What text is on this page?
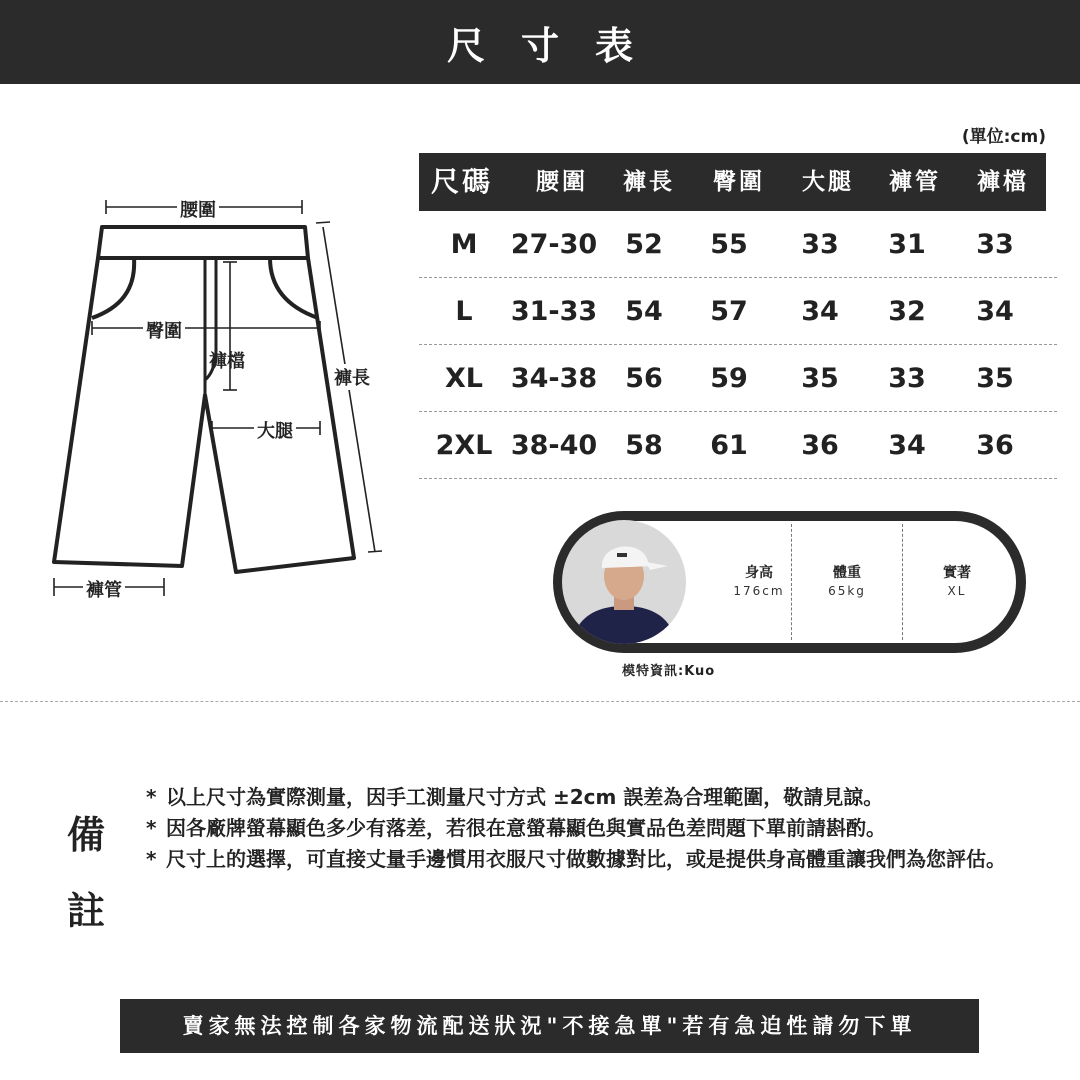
尺寸表
(單位:cm)
尺碼	腰圍	褲長	臀圍	大腿	褲管	褲檔
M	27-30	52	55	33	31	33
L	31-33	54	57	34	32	34
XL	34-38	56	59	35	33	35
2XL 38-40	58	61	36	34	36
腰圍
臀圍
褲檔
褲長
大腿
褲管
身高
176cm
體重
65kg
實著
XL
模特資訊:Kuo
備註
* 以上尺寸為實際測量，因手工測量尺寸方式 ±2cm 誤差為合理範圍，敬請見諒。
* 因各廠牌螢幕顯色多少有落差，若很在意螢幕顯色與實品色差問題下單前請斟酌。
* 尺寸上的選擇，可直接丈量手邊慣用衣服尺寸做數據對比，或是提供身高體重讓我們為您評估。
賣家無法控制各家物流配送狀況"不接急單"若有急迫性請勿下單
